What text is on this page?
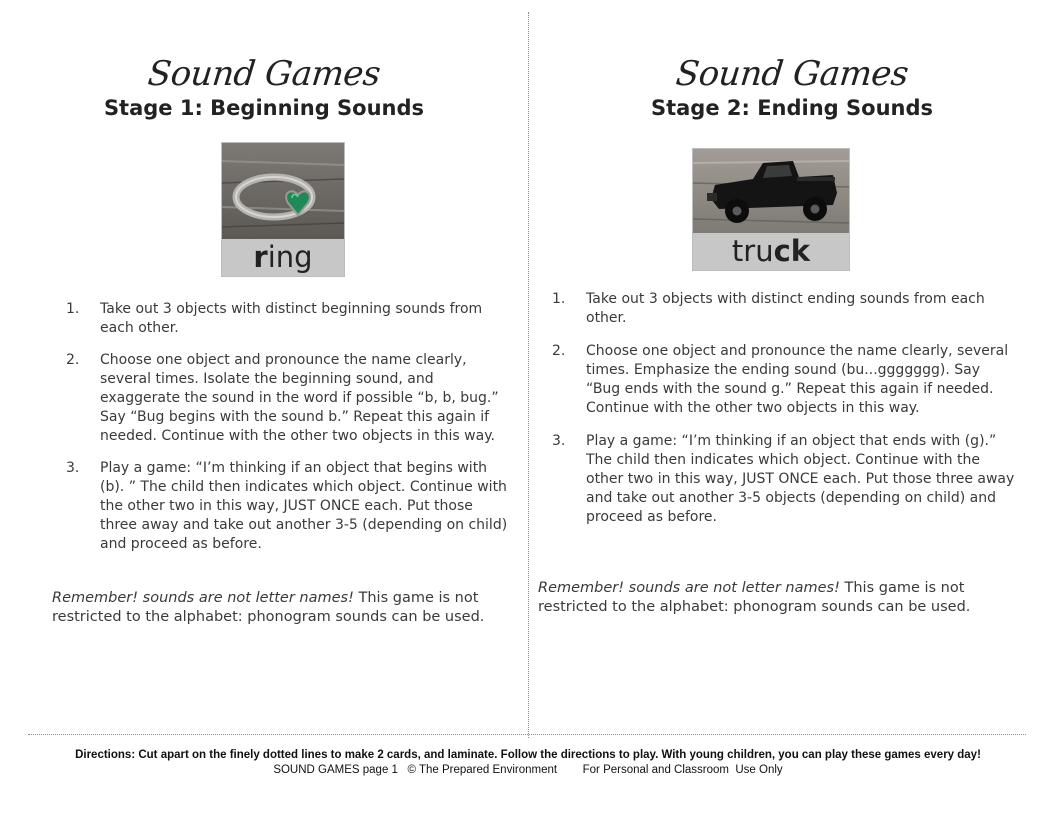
Sound Games
Stage 1: Beginning Sounds
ring
1. Take out 3 objects with distinct beginning sounds from each other.
2. Choose one object and pronounce the name clearly, several times. Isolate the beginning sound, and exaggerate the sound in the word if possible “b, b, bug.” Say “Bug begins with the sound b.” Repeat this again if needed. Continue with the other two objects in this way.
3. Play a game: “I’m thinking if an object that begins with (b). ” The child then indicates which object. Continue with the other two in this way, JUST ONCE each. Put those three away and take out another 3-5 (depending on child) and proceed as before.
Remember! sounds are not letter names! This game is not restricted to the alphabet: phonogram sounds can be used.
Sound Games
Stage 2: Ending Sounds
truck
1. Take out 3 objects with distinct ending sounds from each other.
2. Choose one object and pronounce the name clearly, several times. Emphasize the ending sound (bu...ggggggg). Say “Bug ends with the sound g.” Repeat this again if needed. Continue with the other two objects in this way.
3. Play a game: “I’m thinking if an object that ends with (g).” The child then indicates which object. Continue with the other two in this way, JUST ONCE each. Put those three away and take out another 3-5 objects (depending on child) and proceed as before.
Remember! sounds are not letter names! This game is not restricted to the alphabet: phonogram sounds can be used.
Directions: Cut apart on the finely dotted lines to make 2 cards, and laminate. Follow the directions to play. With young children, you can play these games every day!
SOUND GAMES page 1   © The Prepared Environment        For Personal and Classroom  Use Only
